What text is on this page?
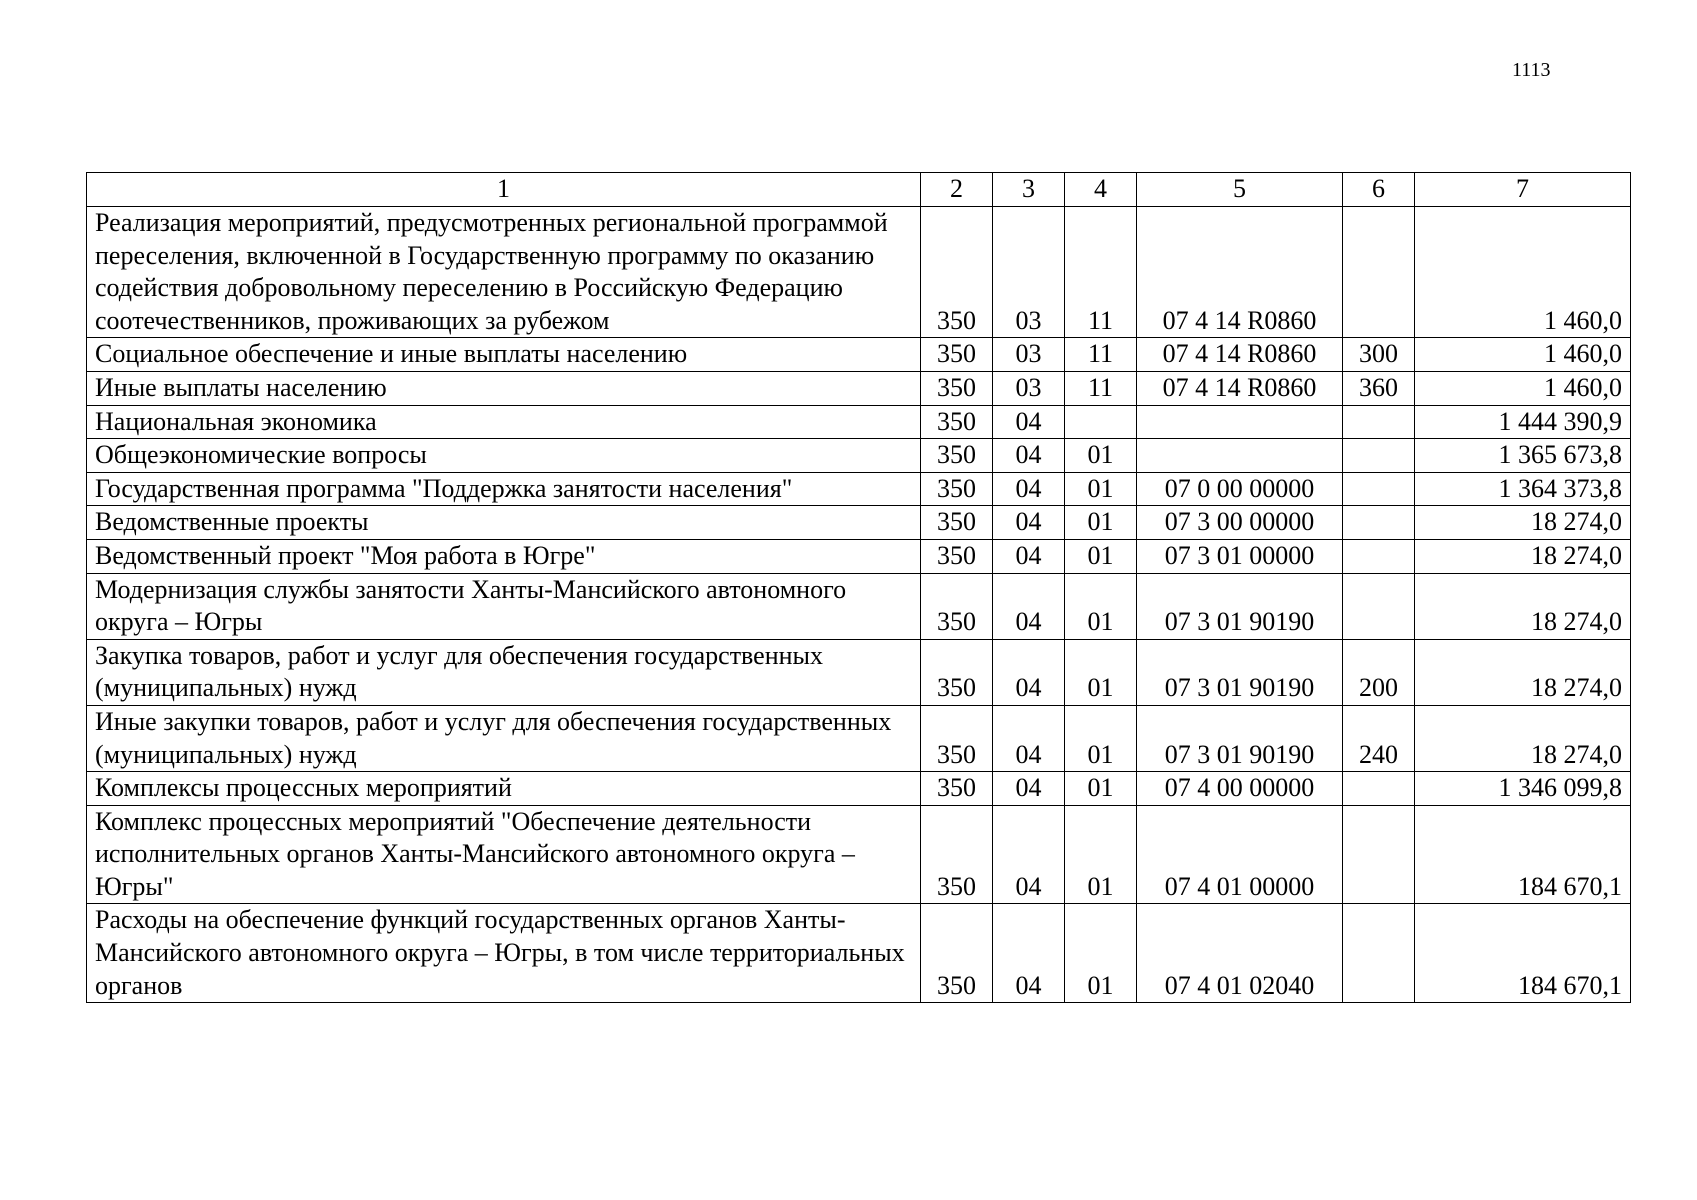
1113
1	2	3	4	5	6	7
Реализация мероприятий, предусмотренных региональной программой переселения, включенной в Государственную программу по оказанию содействия добровольному переселению в Российскую Федерацию соотечественников, проживающих за рубежом	350	03	11	07 4 14 R0860		1 460,0
Социальное обеспечение и иные выплаты населению	350	03	11	07 4 14 R0860	300	1 460,0
Иные выплаты населению	350	03	11	07 4 14 R0860	360	1 460,0
Национальная экономика	350	04				1 444 390,9
Общеэкономические вопросы	350	04	01			1 365 673,8
Государственная программа "Поддержка занятости населения"	350	04	01	07 0 00 00000		1 364 373,8
Ведомственные проекты	350	04	01	07 3 00 00000		18 274,0
Ведомственный проект "Моя работа в Югре"	350	04	01	07 3 01 00000		18 274,0
Модернизация службы занятости Ханты-Мансийского автономного округа – Югры	350	04	01	07 3 01 90190		18 274,0
Закупка товаров, работ и услуг для обеспечения государственных (муниципальных) нужд	350	04	01	07 3 01 90190	200	18 274,0
Иные закупки товаров, работ и услуг для обеспечения государственных (муниципальных) нужд	350	04	01	07 3 01 90190	240	18 274,0
Комплексы процессных мероприятий	350	04	01	07 4 00 00000		1 346 099,8
Комплекс процессных мероприятий "Обеспечение деятельности исполнительных органов Ханты-Мансийского автономного округа – Югры"	350	04	01	07 4 01 00000		184 670,1
Расходы на обеспечение функций государственных органов Ханты-Мансийского автономного округа – Югры, в том числе территориальных органов	350	04	01	07 4 01 02040		184 670,1
